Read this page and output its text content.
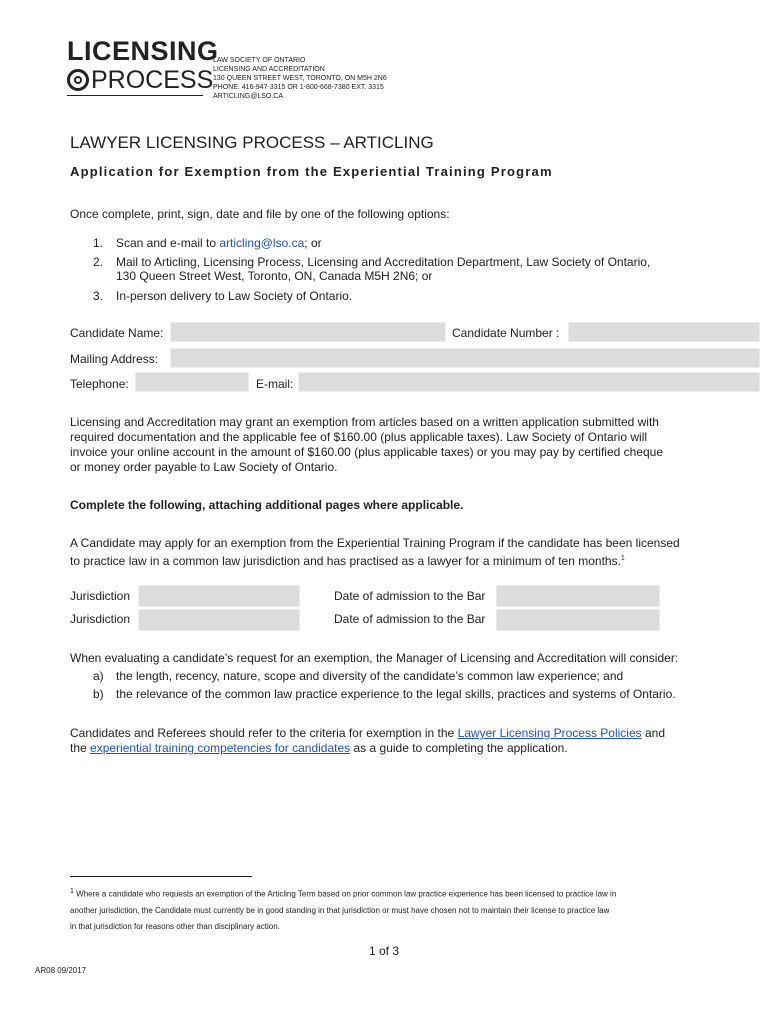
LICENSING
PROCESS
LAW SOCIETY OF ONTARIO
LICENSING AND ACCREDITATION
130 QUEEN STREET WEST, TORONTO, ON M5H 2N6
PHONE: 416-947-3315 OR 1-800-668-7380 EXT. 3315
ARTICLING@LSO.CA
LAWYER LICENSING PROCESS – ARTICLING
Application for Exemption from the Experiential Training Program
Once complete, print, sign, date and file by one of the following options:
1. Scan and e-mail to articling@lso.ca; or
2. Mail to Articling, Licensing Process, Licensing and Accreditation Department, Law Society of Ontario,
130 Queen Street West, Toronto, ON, Canada M5H 2N6; or
3. In-person delivery to Law Society of Ontario.
Candidate Name:	Candidate Number :
Mailing Address:
Telephone:	E-mail:
Licensing and Accreditation may grant an exemption from articles based on a written application submitted with
required documentation and the applicable fee of $160.00 (plus applicable taxes). Law Society of Ontario will
invoice your online account in the amount of $160.00 (plus applicable taxes) or you may pay by certified cheque
or money order payable to Law Society of Ontario.
Complete the following, attaching additional pages where applicable.
A Candidate may apply for an exemption from the Experiential Training Program if the candidate has been licensed
to practice law in a common law jurisdiction and has practised as a lawyer for a minimum of ten months.$^1$
Jurisdiction	Date of admission to the Bar
Jurisdiction	Date of admission to the Bar
When evaluating a candidate’s request for an exemption, the Manager of Licensing and Accreditation will consider:
a) the length, recency, nature, scope and diversity of the candidate’s common law experience; and
b) the relevance of the common law practice experience to the legal skills, practices and systems of Ontario.
Candidates and Referees should refer to the criteria for exemption in the Lawyer Licensing Process Policies and
the experiential training competencies for candidates as a guide to completing the application.
$^1$ Where a candidate who requests an exemption of the Articling Term based on prior common law practice experience has been licensed to practice law in
another jurisdiction, the Candidate must currently be in good standing in that jurisdiction or must have chosen not to maintain their license to practice law
in that jurisdiction for reasons other than disciplinary action.
1 of 3
AR08 09/2017
